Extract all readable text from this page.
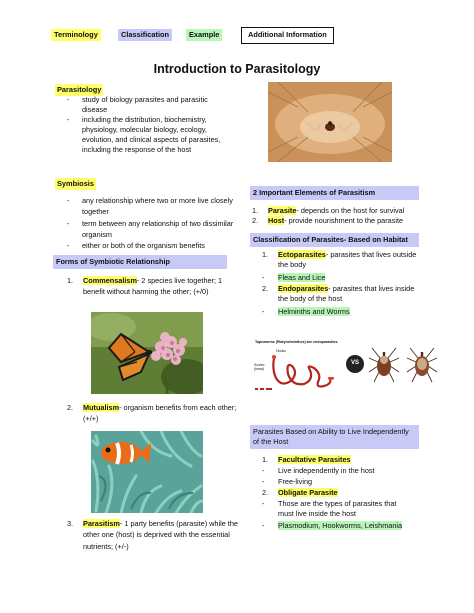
Terminology	Classification	Example	Additional Information
Introduction to Parasitology
Parasitology
- study of biology parasites and parasitic disease
- including the distribution, biochemistry, physiology, molecular biology, ecology, evolution, and clinical aspects of parasites, including the response of the host
Symbiosis
- any relationship where two or more live closely together
- term between any relationship of two dissimilar organism
- either or both of the organism benefits
Forms of Symbiotic Relationship
1.	Commensalism- 2 species live together; 1 benefit without harming the other; (+/0)
2.	Mutualism- organism benefits from each other; (+/+)
3.	Parasitism- 1 party benefits (parasite) while the other one (host) is deprived with the essential nutrients; (+/-)
2 Important Elements of Parasitism
1.	Parasite- depends on the host for survival
2.	Host- provide nourishment to the parasite
Classification of Parasites- Based on Habitat
1.	Ectoparasites- parasites that lives outside the body
-	Fleas and Lice
2.	Endoparasites- parasites that lives inside the body of the host
-	Helminths and Worms
Tapeworms (Platyhelminthes) are endoparasites.
Hooks
Scolex (head)
VS
Parasites Based on Ability to Live Independently of the Host
1.	Facultative Parasites
-	Live independently in the host
-	Free-living
2.	Obligate Parasite
-	Those are the types of parasites that must live inside the host
-	Plasmodium, Hookworms, Leishmania
